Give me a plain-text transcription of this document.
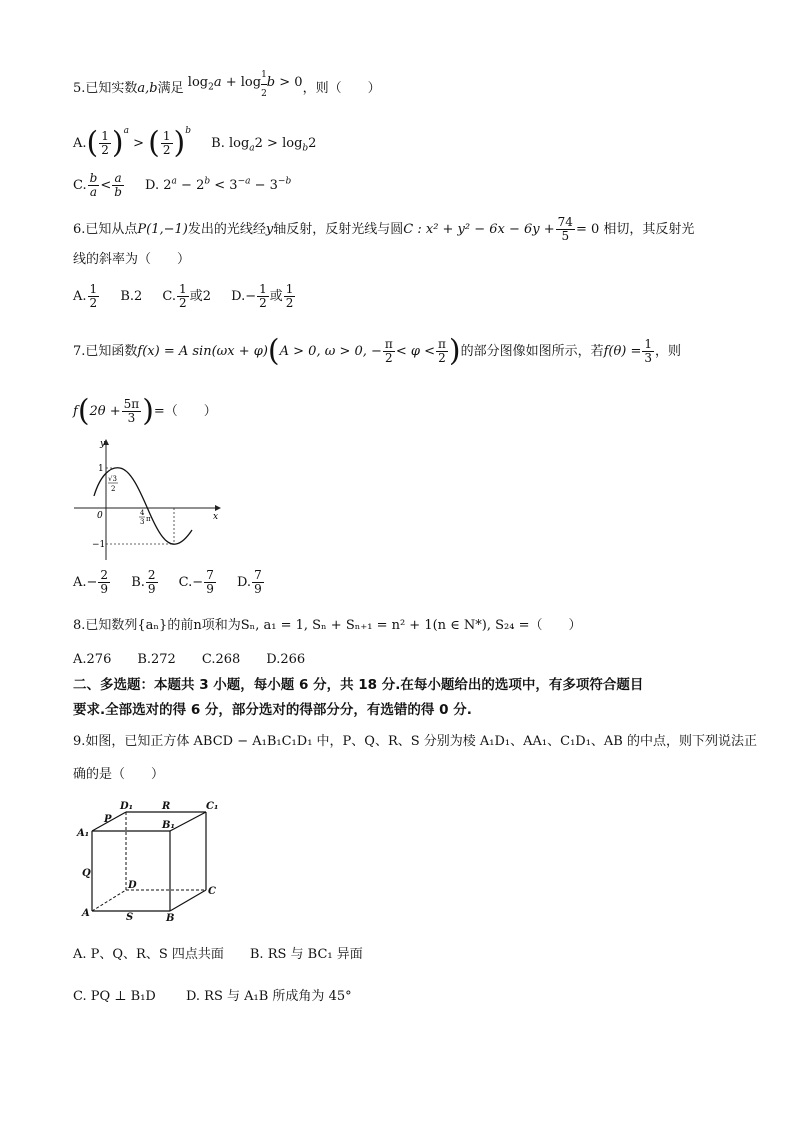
5.已知实数a,b满足 $\log_2a + \log \frac{1}{2}$ b > 0，则（　　）
$A.( \frac{1}{2} )^a$ > ( $\frac{1}{2} )^b$ B. $\log_a2 > \log_b2$
C. $\frac{b}{a} < \frac{a}{b} D$. $2^a - 2^b < 3^{-a} - 3^{-b}$
6.已知从点P(1,−1)发出的光线经y轴反射，反射光线与圆C : $x^2 + y^2 - 6x - 6y + \frac{74}{5} = 0$ 相切，其反射光
线的斜率为（　　）
A. $\frac{1}{2} B.2$ C. $\frac{1}{2}$ 或2 $D.- \frac{1}{2}$ 或 $\frac{1}{2}$
7.已知函数f(x) = A sin(ωx + φ)(A > 0, ω > 0, − $\frac{\pi}{2} < \varphi < \frac{\pi}{2}$ )的部分图像如图所示，若$f(\theta) = \frac{1}{3}$ ，则
$f(2\theta + \frac{5\pi}{3}$ )=（　　）
y
x
0
1
−1
√3
2
4
3 π
$A.- \frac{2}{9} B$. $\frac{2}{9} C.- \frac{7}{9} D$. $\frac{7}{9}$
8.已知数列{aₙ}的前n项和为Sₙ, a₁ = 1, Sₙ + Sₙ₊₁ = n² + 1(n ∈ N*), S₂₄ =（　　）
A.276　　B.272　　C.268　　D.266
二、多选题：本题共 3 小题，每小题 6 分，共 18 分.在每小题给出的选项中，有多项符合题目
要求.全部选对的得 6 分，部分选对的得部分分，有选错的得 0 分.
9.如图，已知正方体 ABCD − A₁B₁C₁D₁ 中，P、Q、R、S 分别为棱 A₁D₁、AA₁、C₁D₁、AB 的中点，则下列说法正
确的是（　　）
A₁
B₁
C₁
D₁	R
P
Q
D
C
A	S	B
A. P、Q、R、S 四点共面　　B. RS 与 BC₁ 异面
C. PQ ⊥ B₁D　　 D. RS 与 A₁B 所成角为 45°
